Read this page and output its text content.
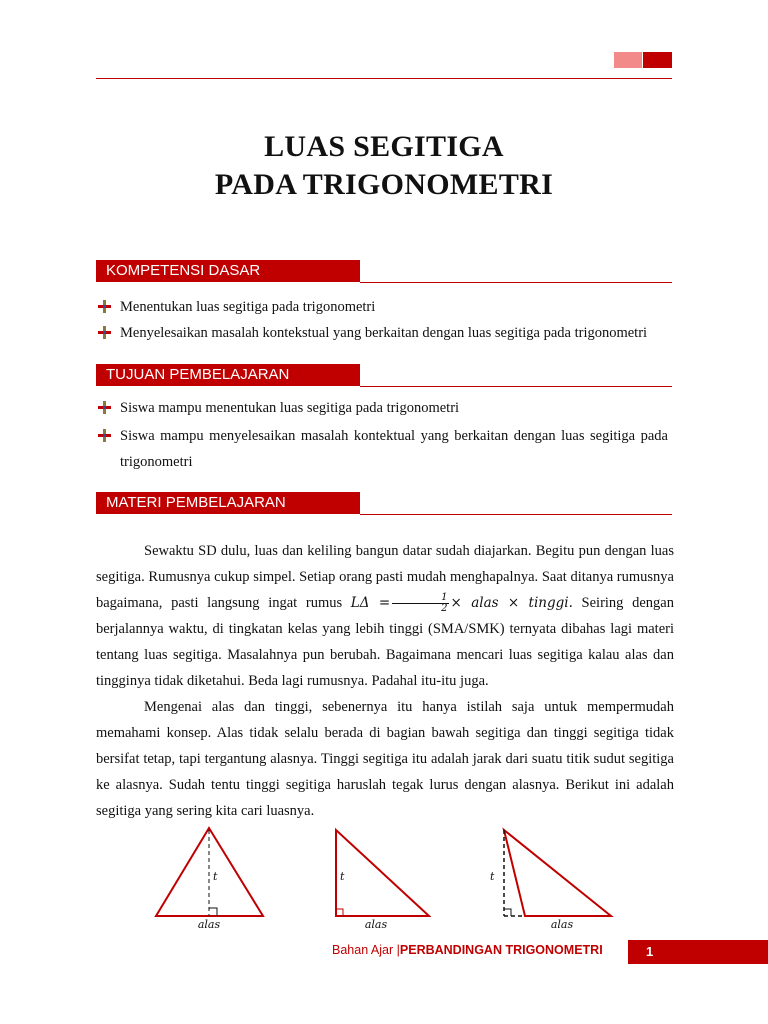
LUAS SEGITIGA
PADA TRIGONOMETRI
KOMPETENSI DASAR
Menentukan luas segitiga pada trigonometri
Menyelesaikan masalah kontekstual yang berkaitan dengan luas segitiga pada trigonometri
TUJUAN PEMBELAJARAN
Siswa mampu menentukan luas segitiga pada trigonometri
Siswa mampu menyelesaikan masalah kontektual yang berkaitan dengan luas segitiga pada trigonometri
MATERI PEMBELAJARAN

Sewaktu SD dulu, luas dan keliling bangun datar sudah diajarkan. Begitu pun dengan luas segitiga. Rumusnya cukup simpel. Setiap orang pasti mudah menghapalnya. Saat ditanya rumusnya bagaimana, pasti langsung ingat rumus $L\Delta = \frac{1}{2}$ × alas × tinggi. Seiring dengan berjalannya waktu, di tingkatan kelas yang lebih tinggi (SMA/SMK) ternyata dibahas lagi materi tentang luas segitiga. Masalahnya pun berubah. Bagaimana mencari luas segitiga kalau alas dan tingginya tidak diketahui. Beda lagi rumusnya. Padahal itu-itu juga.

Mengenai alas dan tinggi, sebenernya itu hanya istilah saja untuk mempermudah memahami konsep. Alas tidak selalu berada di bagian bawah segitiga dan tinggi segitiga tidak bersifat tetap, tapi tergantung alasnya. Tinggi segitiga itu adalah jarak dari suatu titik sudut segitiga ke alasnya. Sudah tentu tinggi segitiga haruslah tegak lurus dengan alasnya. Berikut ini adalah segitiga yang sering kita cari luasnya.

t
alas
t
alas
t
alas
Bahan Ajar |PERBANDINGAN TRIGONOMETRI	1
